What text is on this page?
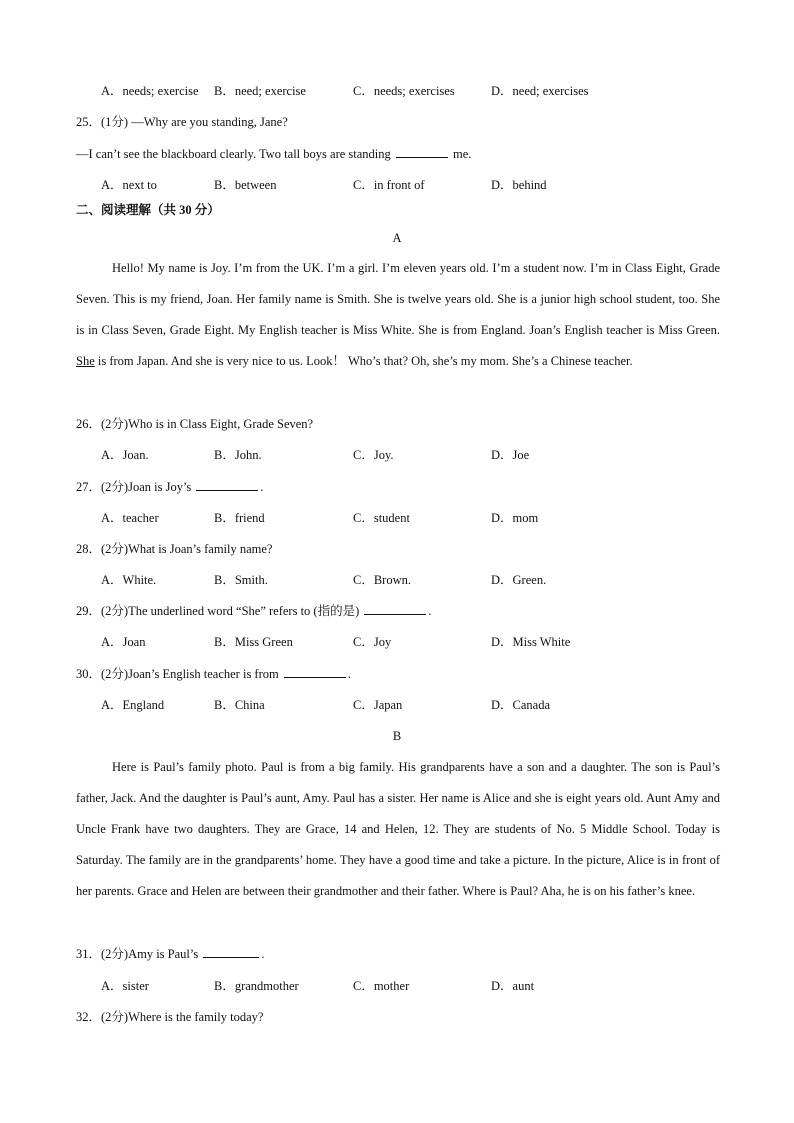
A．needs; exercise B．need; exercise	C．needs; exercises	D．need; exercises
25．(1分) —Why are you standing, Jane?
—I can’t see the blackboard clearly. Two tall boys are standing	me.
A．next to	B．between	C．in front of	D．behind
二、阅读理解（共 30 分）
A
Hello! My name is Joy. I’m from the UK. I’m a girl. I’m eleven years old. I’m a student now. I’m in Class Eight, Grade Seven. This is my friend, Joan. Her family name is Smith. She is twelve years old. She is a junior high school student, too. She is in Class Seven, Grade Eight. My English teacher is Miss White. She is from England. Joan’s English teacher is Miss Green. She is from Japan. And she is very nice to us. Look！ Who’s that? Oh, she’s my mom. She’s a Chinese teacher.
26．(2分)Who is in Class Eight, Grade Seven?
A．Joan.	B．John.	C．Joy.	D．Joe
27．(2分)Joan is Joy’s	.
A．teacher	B．friend	C．student	D．mom
28．(2分)What is Joan’s family name?
A．White.	B．Smith.	C．Brown.	D．Green.
29．(2分)The underlined word “She” refers to (指的是)	.
A．Joan	B．Miss Green	C．Joy	D．Miss White
30．(2分)Joan’s English teacher is from	.
A．England	B．China	C．Japan	D．Canada
B
Here is Paul’s family photo. Paul is from a big family. His grandparents have a son and a daughter. The son is Paul’s father, Jack. And the daughter is Paul’s aunt, Amy. Paul has a sister. Her name is Alice and she is eight years old. Aunt Amy and Uncle Frank have two daughters. They are Grace, 14 and Helen, 12. They are students of No. 5 Middle School. Today is Saturday. The family are in the grandparents’ home. They have a good time and take a picture. In the picture, Alice is in front of her parents. Grace and Helen are between their grandmother and their father. Where is Paul? Aha, he is on his father’s knee.
31．(2分)Amy is Paul’s	.
A．sister	B．grandmother	C．mother	D．aunt
32．(2分)Where is the family today?
